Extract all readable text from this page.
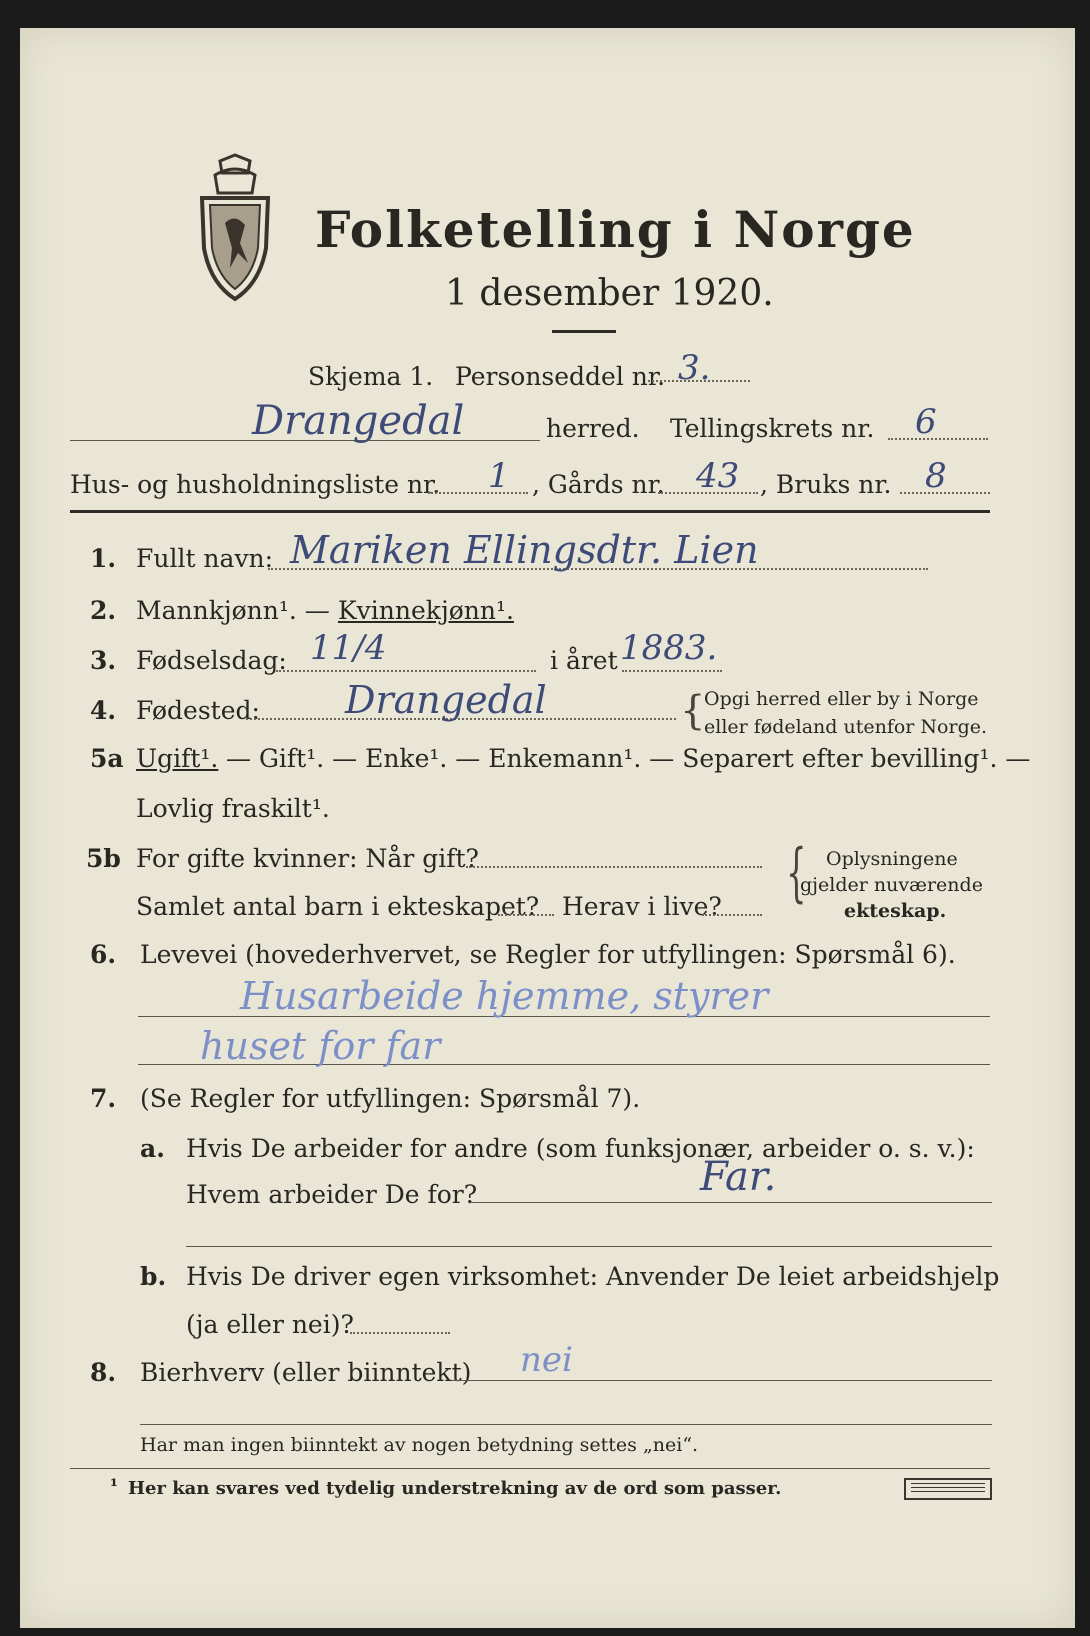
Folketelling i Norge
1 desember 1920.
Skjema 1. Personseddel nr. 3.
Drangedal	herred. Tellingskrets nr. 6
Hus- og husholdningsliste nr. 1 , Gårds nr. 43 , Bruks nr. 8
1. Fullt navn: Mariken Ellingsdtr. Lien
2. Mannkjønn¹. — Kvinnekjønn¹.
3. Fødselsdag: 11/4	i året 1883.
4. Fødested: Drangedal	{
Opgi herred eller by i Norge
eller fødeland utenfor Norge.
5a Ugift¹. — Gift¹. — Enke¹. — Enkemann¹. — Separert efter bevilling¹. —
Lovlig fraskilt¹.
5b For gifte kvinner: Når gift?
Samlet antal barn i ekteskapet? Herav i live? { Oplysningene
gjelder nuværende
ekteskap.
6. Levevei (hovederhvervet, se Regler for utfyllingen: Spørsmål 6).
Husarbeide hjemme, styrer
huset for far
7. (Se Regler for utfyllingen: Spørsmål 7).
a. Hvis De arbeider for andre (som funksjonær, arbeider o. s. v.):
Hvem arbeider De for?	Far.
b. Hvis De driver egen virksomhet: Anvender De leiet arbeidshjelp
(ja eller nei)?
8. Bierhverv (eller biinntekt) nei
Har man ingen biinntekt av nogen betydning settes „nei“.
¹ Her kan svares ved tydelig understrekning av de ord som passer.
